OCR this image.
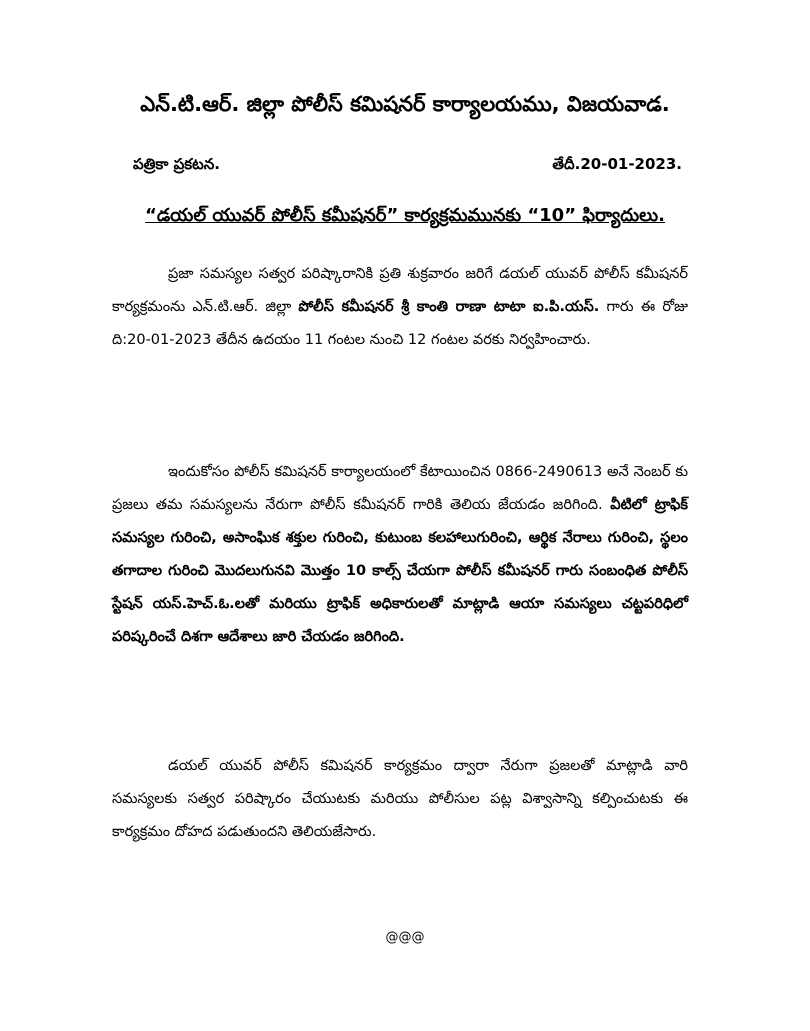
ఎన్.టి.ఆర్. జిల్లా పోలీస్ కమిషనర్ కార్యాలయము, విజయవాడ.
పత్రికా ప్రకటన.	తేదీ.20-01-2023.
“డయల్ యువర్ పోలీస్ కమీషనర్” కార్యక్రమమునకు “10” ఫిర్యాదులు.

ప్రజా సమస్యల సత్వర పరిష్కారానికి ప్రతి శుక్రవారం జరిగే డయల్ యువర్ పోలీస్ కమీషనర్ కార్యక్రమంను ఎన్.టి.ఆర్. జిల్లా పోలీస్ కమీషనర్ శ్రీ కాంతి రాణా టాటా ఐ.పి.యస్. గారు ఈ రోజు ది:20-01-2023 తేదీన ఉదయం 11 గంటల నుంచి 12 గంటల వరకు నిర్వహించారు.

ఇందుకోసం పోలీస్ కమిషనర్ కార్యాలయంలో కేటాయించిన 0866-2490613 అనే నెంబర్ కు ప్రజలు తమ సమస్యలను నేరుగా పోలీస్ కమీషనర్ గారికి తెలియ జేయడం జరిగింది. వీటిలో ట్రాఫిక్ సమస్యల గురించి, అసాంఘిక శక్తుల గురించి, కుటుంబ కలహాలుగురించి, ఆర్థిక నేరాలు గురించి, స్థలం తగాదాల గురించి మొదలుగునవి మొత్తం 10 కాల్స్ చేయగా పోలీస్ కమీషనర్ గారు సంబంధిత పోలీస్ స్టేషన్ యస్.హెచ్.ఓ.లతో మరియు ట్రాఫిక్ అధికారులతో మాట్లాడి ఆయా సమస్యలు చట్టపరిధిలో పరిష్కరించే దిశగా ఆదేశాలు జారి చేయడం జరిగింది.

డయల్ యువర్ పోలీస్ కమిషనర్ కార్యక్రమం ద్వారా నేరుగా ప్రజలతో మాట్లాడి వారి సమస్యలకు సత్వర పరిష్కారం చేయుటకు మరియు పోలీసుల పట్ల విశ్వాసాన్ని కల్పించుటకు ఈ కార్యక్రమం దోహద పడుతుందని తెలియజేసారు.

@@@
